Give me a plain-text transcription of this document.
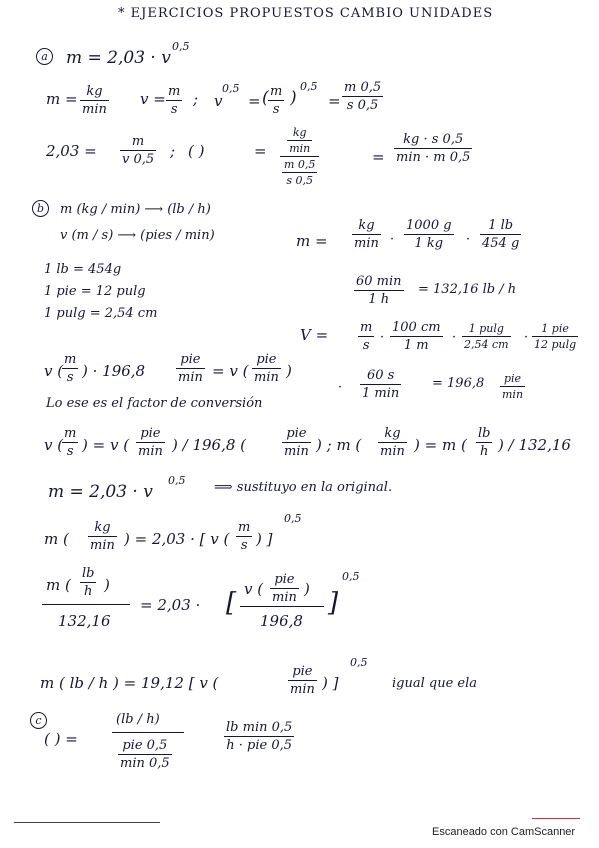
* EJERCICIOS PROPUESTOS CAMBIO UNIDADES
a	m = 2,03 · v
0,5
m = kg
min
v = m
s
; v
0,5
= ( m
s
)
0,5
=
m 0,5
s 0,5
2,03 =
m
v 0,5 ; ( )	= $\frac{kg}{\min}$
$\frac{m 0,5}{s 0,5}$
=
kg · s 0,5
min · m 0,5
b	m (kg / min) ⟶ (lb / h)
v (m / s) ⟶ (pies / min)	m =
kg
min ·
1000 g
1 kg	·
1 lb
454 g
1 lb = 454g
1 pie = 12 pulg
1 pulg = 2,54 cm
60 min
1 h
= 132,16 lb / h
V = m
s
·
100 cm
1 m
·
1 pulg
2,54 cm ·
1 pie
12 pulg
v (
m
s ) · 196,8
pie
min = v (
pie
min )
·
60 s
1 min
= 196,8	pie
min
Lo ese es el factor de conversión
v (
m
s ) = v (
pie
min ) / 196,8 (
pie
min ) ; m (
kg
min ) = m (
lb
h ) / 132,16
m = 2,03 · v
0,5 ⟹ sustituyo en la original.
m (
kg
min ) = 2,03 · [ v (
m
s ) ]
0,5
m (
lb
h )
132,16
= 2,03 · [ v (
pie
min )
196,8
]
0,5
m ( lb / h ) = 19,12 [ v (
pie
min ) ]
0,5
igual que ela
c
( ) =
(lb / h)
pie 0,5
min 0,5
lb min 0,5
h · pie 0,5
Escaneado con CamScanner
